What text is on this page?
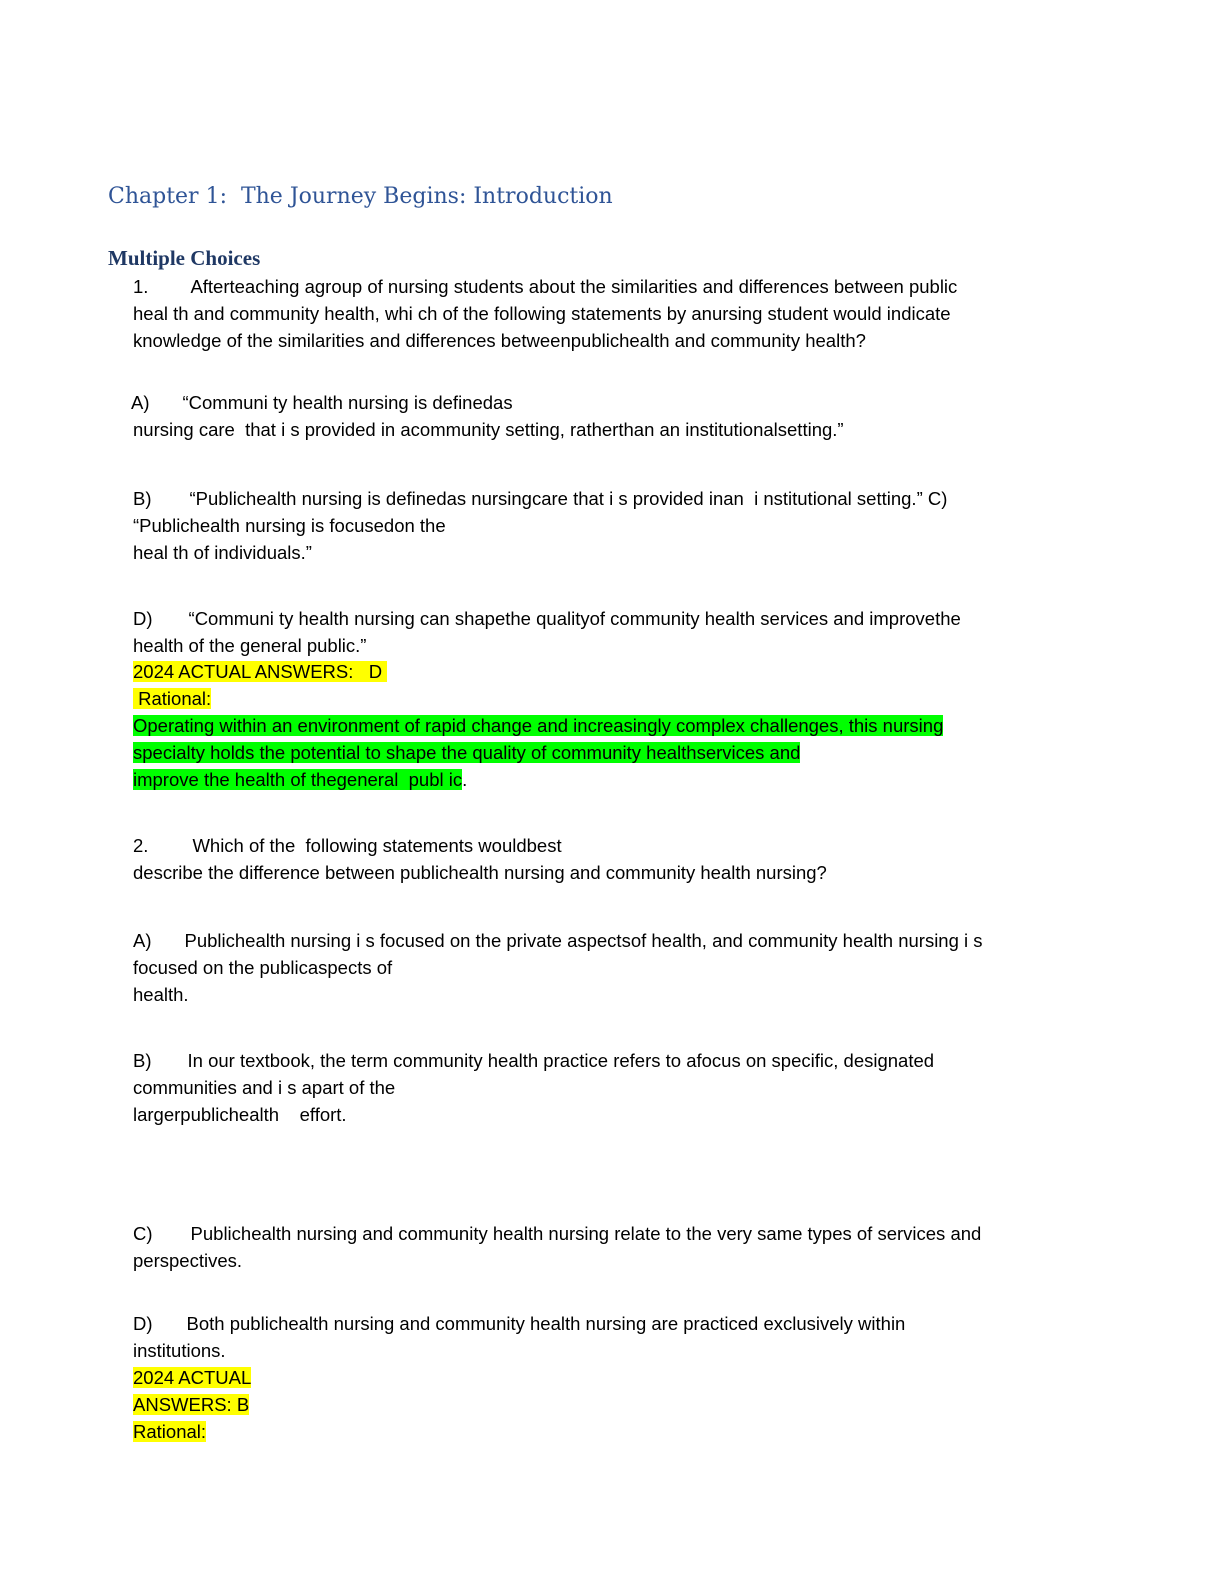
Chapter 1:  The Journey Begins: Introduction
Multiple Choices
1. Afterteaching agroup of nursing students about the similarities and differences between public
heal th and community health, whi ch of the following statements by anursing student would indicate
knowledge of the similarities and differences betweenpublichealth and community health?
A) “Communi ty health nursing is definedas
nursing care  that i s provided in acommunity setting, ratherthan an institutionalsetting.”
B) “Publichealth nursing is definedas nursingcare that i s provided inan  i nstitutional setting.” C)
“Publichealth nursing is focusedon the
heal th of individuals.”
D) “Communi ty health nursing can shapethe qualityof community health services and improvethe
health of the general public.”
2024 ACTUAL ANSWERS:   D
Rational:
Operating within an environment of rapid change and increasingly complex challenges, this nursing
specialty holds the potential to shape the quality of community healthservices and
improve the health of thegeneral  publ ic.
2. Which of the  following statements wouldbest
describe the difference between publichealth nursing and community health nursing?
A) Publichealth nursing i s focused on the private aspectsof health, and community health nursing i s
focused on the publicaspects of
health.
B) In our textbook, the term community health practice refers to afocus on specific, designated
communities and i s apart of the
largerpublichealth    effort.
C) Publichealth nursing and community health nursing relate to the very same types of services and
perspectives.
D) Both publichealth nursing and community health nursing are practiced exclusively within
institutions.
2024 ACTUAL
ANSWERS: B
Rational:
